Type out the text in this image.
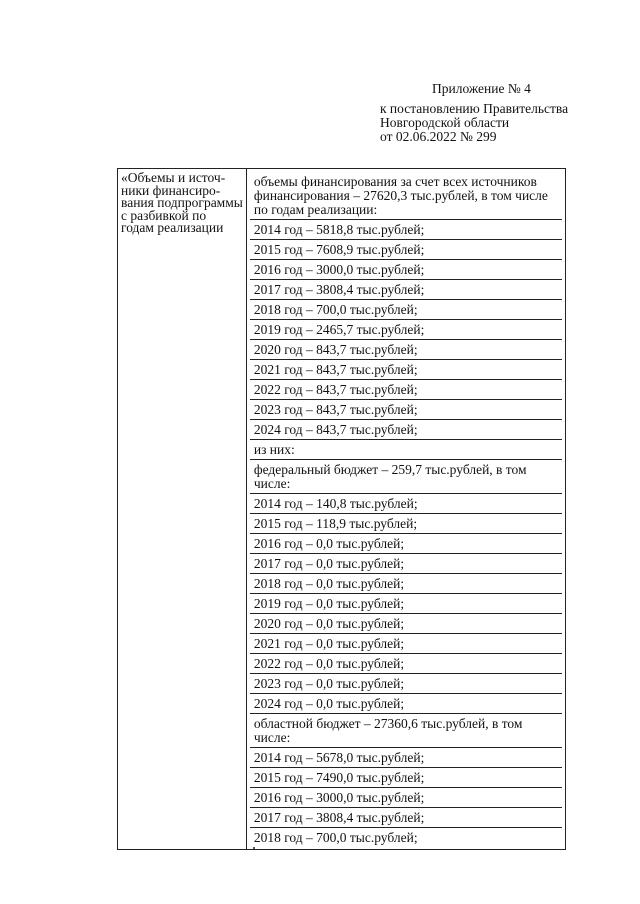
Приложение № 4
к постановлению Правительства
Новгородской области
от 02.06.2022 № 299
«Объемы и источ-
ники финансиро-
вания подпрограммы
с разбивкой по
годам реализации

объемы финансирования за счет всех источников финансирования – 27620,3 тыс.рублей, в том числе по годам реализации:
2014 год – 5818,8 тыс.рублей;
2015 год – 7608,9 тыс.рублей;
2016 год – 3000,0 тыс.рублей;
2017 год – 3808,4 тыс.рублей;
2018 год – 700,0 тыс.рублей;
2019 год – 2465,7 тыс.рублей;
2020 год – 843,7 тыс.рублей;
2021 год – 843,7 тыс.рублей;
2022 год – 843,7 тыс.рублей;
2023 год – 843,7 тыс.рублей;
2024 год – 843,7 тыс.рублей;
из них:
федеральный бюджет – 259,7 тыс.рублей, в том числе:
2014 год – 140,8 тыс.рублей;
2015 год – 118,9 тыс.рублей;
2016 год – 0,0 тыс.рублей;
2017 год – 0,0 тыс.рублей;
2018 год – 0,0 тыс.рублей;
2019 год – 0,0 тыс.рублей;
2020 год – 0,0 тыс.рублей;
2021 год – 0,0 тыс.рублей;
2022 год – 0,0 тыс.рублей;
2023 год – 0,0 тыс.рублей;
2024 год – 0,0 тыс.рублей;
областной бюджет – 27360,6 тыс.рублей, в том числе:
2014 год – 5678,0 тыс.рублей;
2015 год – 7490,0 тыс.рублей;
2016 год – 3000,0 тыс.рублей;
2017 год – 3808,4 тыс.рублей;
2018 год – 700,0 тыс.рублей;
